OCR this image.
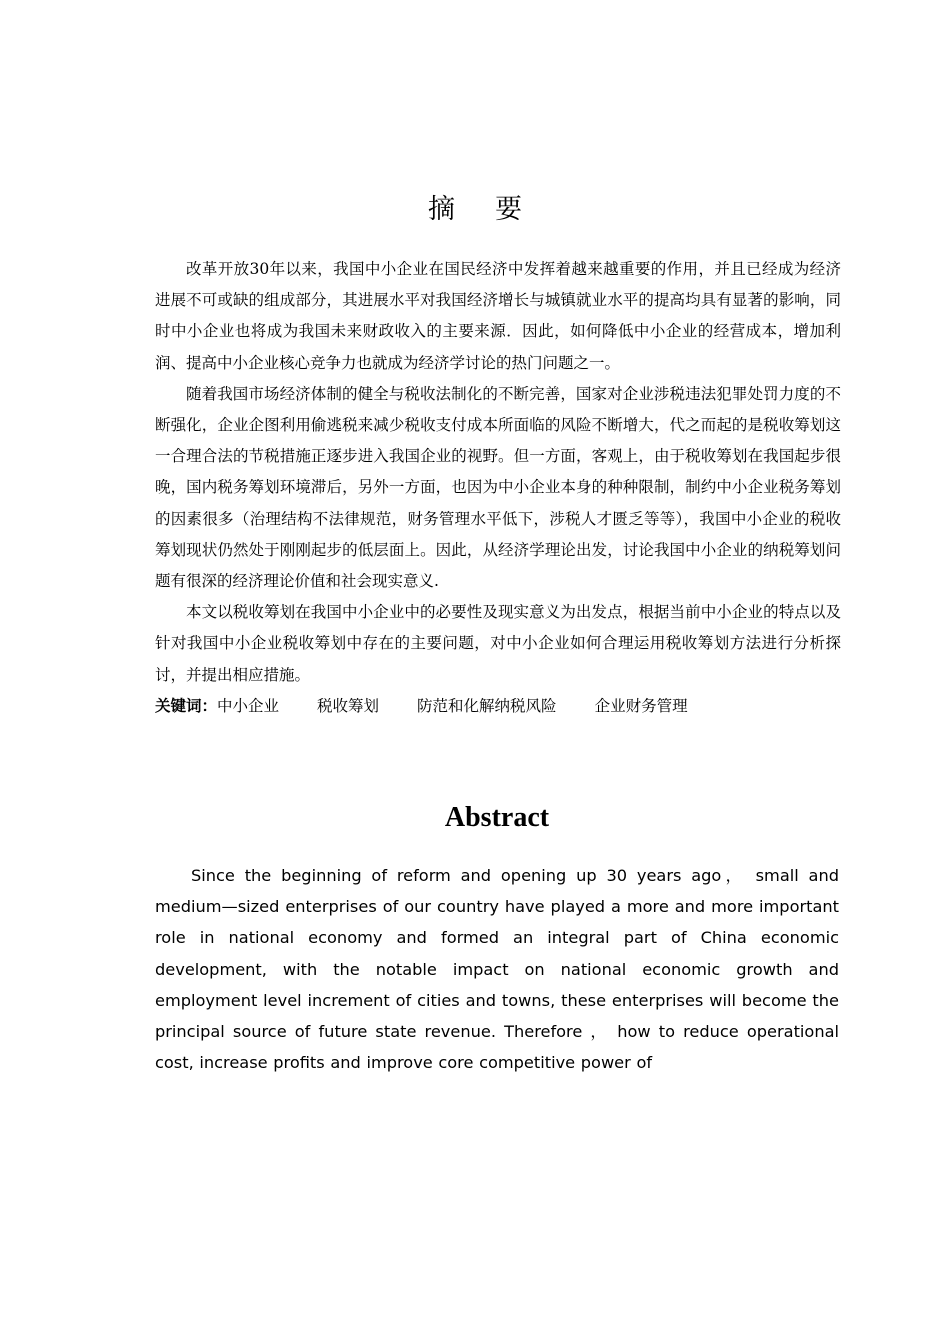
摘 要

改革开放30年以来，我国中小企业在国民经济中发挥着越来越重要的作用，并且已经成为经济进展不可或缺的组成部分，其进展水平对我国经济增长与城镇就业水平的提高均具有显著的影响，同时中小企业也将成为我国未来财政收入的主要来源．因此，如何降低中小企业的经营成本，增加利润、提高中小企业核心竞争力也就成为经济学讨论的热门问题之一。

随着我国市场经济体制的健全与税收法制化的不断完善，国家对企业涉税违法犯罪处罚力度的不断强化，企业企图利用偷逃税来减少税收支付成本所面临的风险不断增大，代之而起的是税收筹划这一合理合法的节税措施正逐步进入我国企业的视野。但一方面，客观上，由于税收筹划在我国起步很晚，国内税务筹划环境滞后，另外一方面，也因为中小企业本身的种种限制，制约中小企业税务筹划的因素很多（治理结构不法律规范，财务管理水平低下，涉税人才匮乏等等），我国中小企业的税收筹划现状仍然处于刚刚起步的低层面上。因此，从经济学理论出发，讨论我国中小企业的纳税筹划问题有很深的经济理论价值和社会现实意义.

本文以税收筹划在我国中小企业中的必要性及现实意义为出发点，根据当前中小企业的特点以及针对我国中小企业税收筹划中存在的主要问题，对中小企业如何合理运用税收筹划方法进行分析探讨，并提出相应措施。

关键词：中小企业 税收筹划 防范和化解纳税风险 企业财务管理
Abstract

Since the beginning of reform and opening up 30 years ago， small and medium—sized enterprises of our country have played a more and more important role in national economy and formed an integral part of China economic development, with the notable impact on national economic growth and employment level increment of cities and towns, these enterprises will become the principal source of future state revenue. Therefore ， how to reduce operational cost, increase profits and improve core competitive power of
